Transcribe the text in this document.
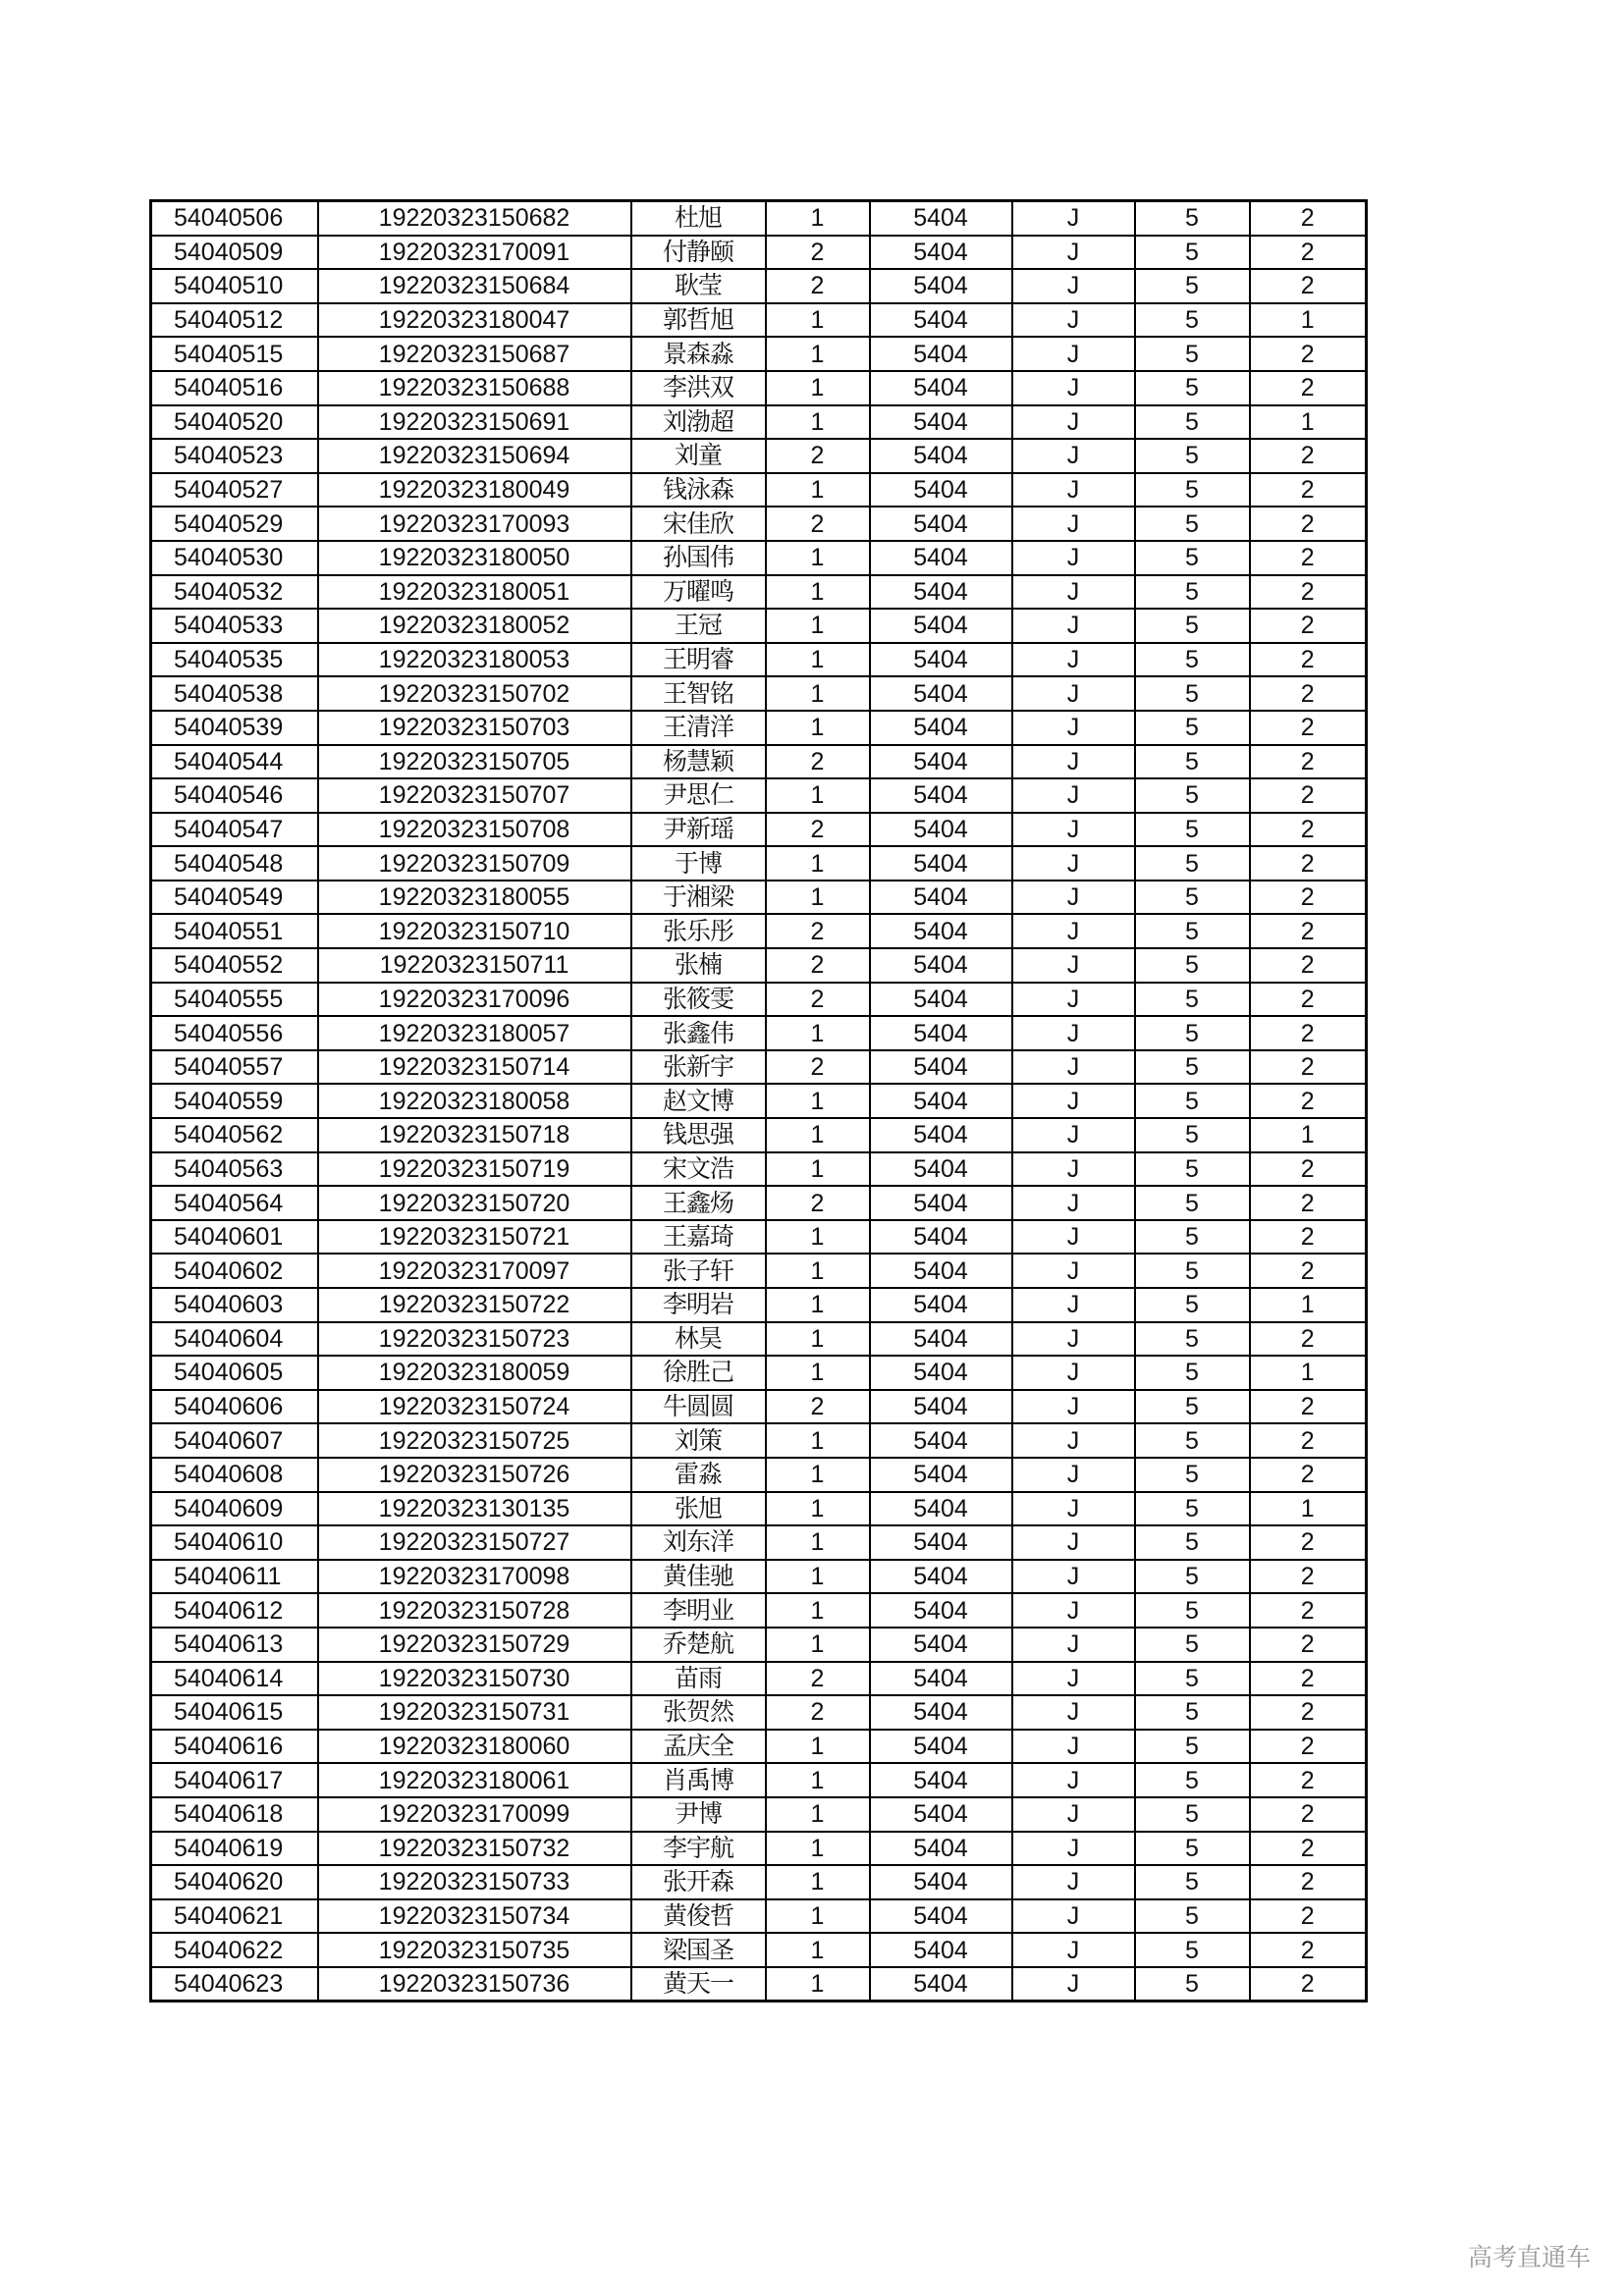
54040506	19220323150682	杜旭	1	5404	J	5	2
54040509	19220323170091	付静颐	2	5404	J	5	2
54040510	19220323150684	耿莹	2	5404	J	5	2
54040512	19220323180047	郭哲旭	1	5404	J	5	1
54040515	19220323150687	景森淼	1	5404	J	5	2
54040516	19220323150688	李洪双	1	5404	J	5	2
54040520	19220323150691	刘渤超	1	5404	J	5	1
54040523	19220323150694	刘童	2	5404	J	5	2
54040527	19220323180049	钱泳森	1	5404	J	5	2
54040529	19220323170093	宋佳欣	2	5404	J	5	2
54040530	19220323180050	孙国伟	1	5404	J	5	2
54040532	19220323180051	万曜鸣	1	5404	J	5	2
54040533	19220323180052	王冠	1	5404	J	5	2
54040535	19220323180053	王明睿	1	5404	J	5	2
54040538	19220323150702	王智铭	1	5404	J	5	2
54040539	19220323150703	王清洋	1	5404	J	5	2
54040544	19220323150705	杨慧颖	2	5404	J	5	2
54040546	19220323150707	尹思仁	1	5404	J	5	2
54040547	19220323150708	尹新瑶	2	5404	J	5	2
54040548	19220323150709	于博	1	5404	J	5	2
54040549	19220323180055	于湘梁	1	5404	J	5	2
54040551	19220323150710	张乐彤	2	5404	J	5	2
54040552	19220323150711	张楠	2	5404	J	5	2
54040555	19220323170096	张筱雯	2	5404	J	5	2
54040556	19220323180057	张鑫伟	1	5404	J	5	2
54040557	19220323150714	张新宇	2	5404	J	5	2
54040559	19220323180058	赵文博	1	5404	J	5	2
54040562	19220323150718	钱思强	1	5404	J	5	1
54040563	19220323150719	宋文浩	1	5404	J	5	2
54040564	19220323150720	王鑫炀	2	5404	J	5	2
54040601	19220323150721	王嘉琦	1	5404	J	5	2
54040602	19220323170097	张子轩	1	5404	J	5	2
54040603	19220323150722	李明岩	1	5404	J	5	1
54040604	19220323150723	林昊	1	5404	J	5	2
54040605	19220323180059	徐胜己	1	5404	J	5	1
54040606	19220323150724	牛圆圆	2	5404	J	5	2
54040607	19220323150725	刘策	1	5404	J	5	2
54040608	19220323150726	雷淼	1	5404	J	5	2
54040609	19220323130135	张旭	1	5404	J	5	1
54040610	19220323150727	刘东洋	1	5404	J	5	2
54040611	19220323170098	黄佳驰	1	5404	J	5	2
54040612	19220323150728	李明业	1	5404	J	5	2
54040613	19220323150729	乔楚航	1	5404	J	5	2
54040614	19220323150730	苗雨	2	5404	J	5	2
54040615	19220323150731	张贺然	2	5404	J	5	2
54040616	19220323180060	孟庆全	1	5404	J	5	2
54040617	19220323180061	肖禹博	1	5404	J	5	2
54040618	19220323170099	尹博	1	5404	J	5	2
54040619	19220323150732	李宇航	1	5404	J	5	2
54040620	19220323150733	张开森	1	5404	J	5	2
54040621	19220323150734	黄俊哲	1	5404	J	5	2
54040622	19220323150735	梁国圣	1	5404	J	5	2
54040623	19220323150736	黄天一	1	5404	J	5	2
高考直通车
